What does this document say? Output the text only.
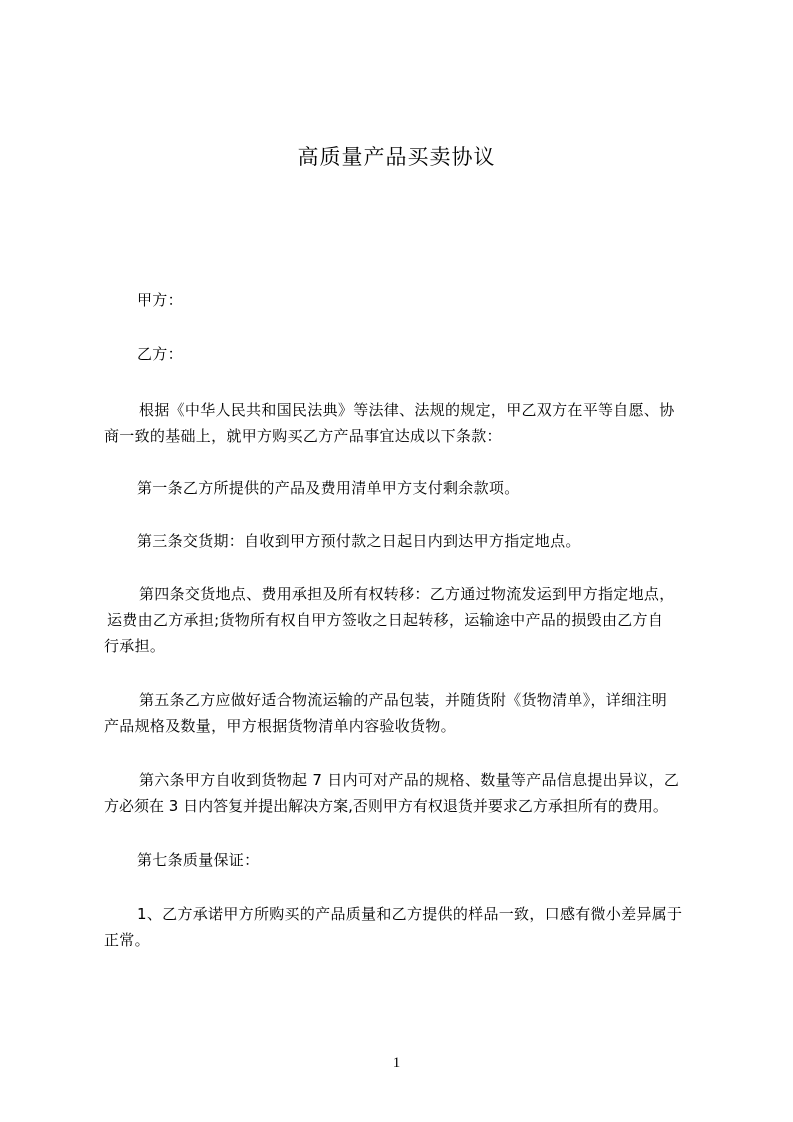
高质量产品买卖协议
甲方：
乙方：
根据《中华人民共和国民法典》等法律、法规的规定，甲乙双方在平等自愿、协
商一致的基础上，就甲方购买乙方产品事宜达成以下条款：
第一条乙方所提供的产品及费用清单甲方支付剩余款项。
第三条交货期：自收到甲方预付款之日起日内到达甲方指定地点。
第四条交货地点、费用承担及所有权转移：乙方通过物流发运到甲方指定地点，
运费由乙方承担;货物所有权自甲方签收之日起转移，运输途中产品的损毁由乙方自
行承担。
第五条乙方应做好适合物流运输的产品包装，并随货附《货物清单》，详细注明
产品规格及数量，甲方根据货物清单内容验收货物。
第六条甲方自收到货物起 7 日内可对产品的规格、数量等产品信息提出异议，乙
方必须在 3 日内答复并提出解决方案,否则甲方有权退货并要求乙方承担所有的费用。
第七条质量保证：
1、乙方承诺甲方所购买的产品质量和乙方提供的样品一致，口感有微小差异属于
正常。
1
